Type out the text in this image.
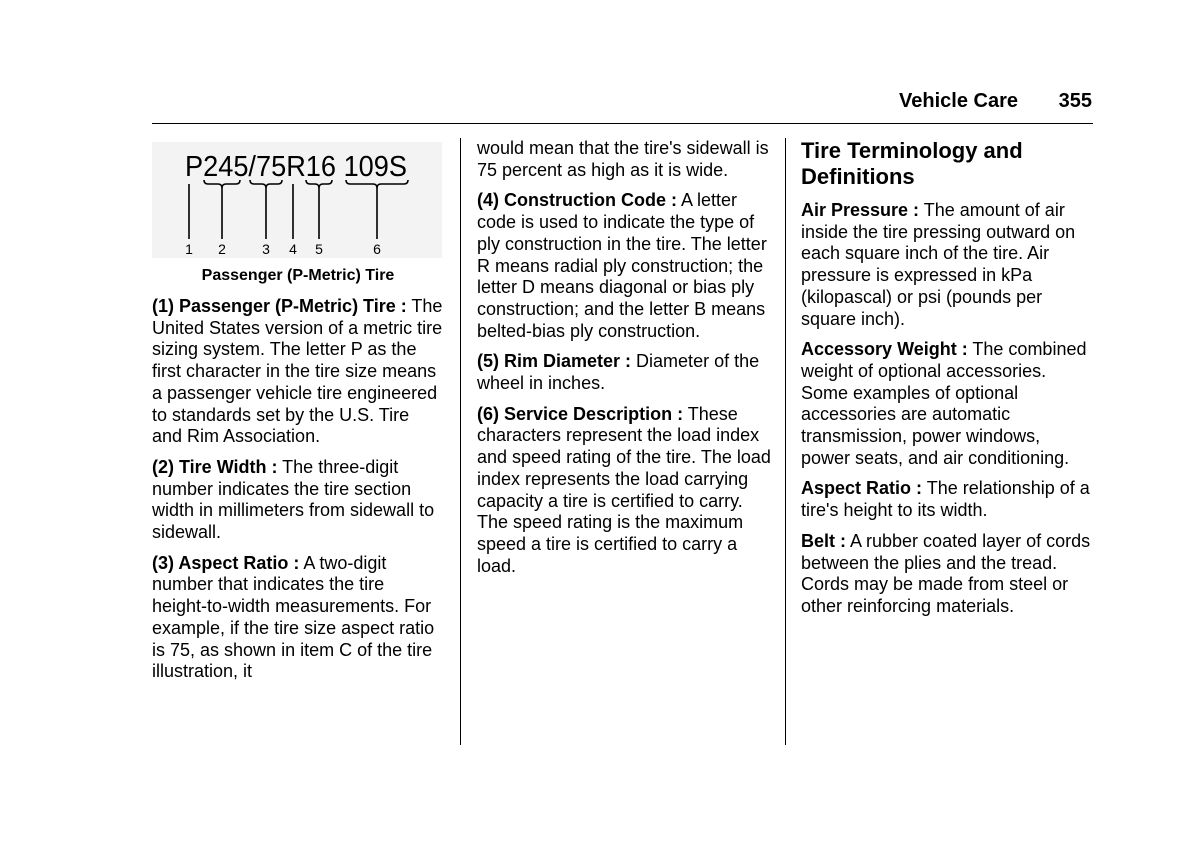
Vehicle Care 355
P245/75R16 109S
1 2	3 4 5	6
Passenger (P-Metric) Tire

(1) Passenger (P-Metric) Tire : The United States version of a metric tire sizing system. The letter P as the first character in the tire size means a passenger vehicle tire engineered to standards set by the U.S. Tire and Rim Association.

(2) Tire Width : The three-digit number indicates the tire section width in millimeters from sidewall to sidewall.

(3) Aspect Ratio : A two-digit number that indicates the tire height-to-width measurements. For example, if the tire size aspect ratio is 75, as shown in item C of the tire illustration, it

would mean that the tire's sidewall is 75 percent as high as it is wide.

(4) Construction Code : A letter code is used to indicate the type of ply construction in the tire. The letter R means radial ply construction; the letter D means diagonal or bias ply construction; and the letter B means belted-bias ply construction.

(5) Rim Diameter : Diameter of the wheel in inches.

(6) Service Description : These characters represent the load index and speed rating of the tire. The load index represents the load carrying capacity a tire is certified to carry. The speed rating is the maximum speed a tire is certified to carry a load.

Tire Terminology and Definitions

Air Pressure : The amount of air inside the tire pressing outward on each square inch of the tire. Air pressure is expressed in kPa (kilopascal) or psi (pounds per square inch).

Accessory Weight : The combined weight of optional accessories. Some examples of optional accessories are automatic transmission, power windows, power seats, and air conditioning.

Aspect Ratio : The relationship of a tire's height to its width.

Belt : A rubber coated layer of cords between the plies and the tread. Cords may be made from steel or other reinforcing materials.
